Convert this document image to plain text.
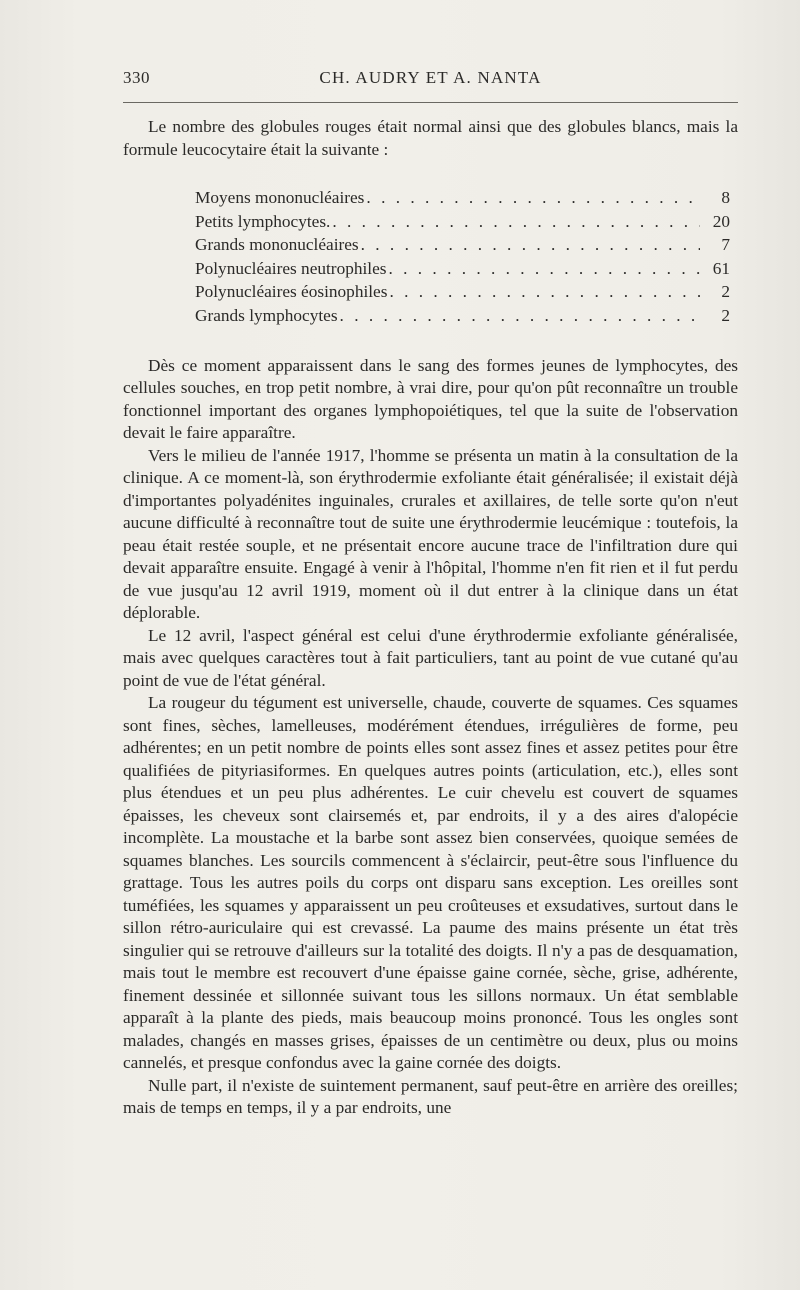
330	CH. AUDRY ET A. NANTA

Le nombre des globules rouges était normal ainsi que des globules blancs, mais la formule leucocytaire était la suivante :

Moyens mononucléaires . . .	8
Petits lymphocytes. . . .	20
Grands mononucléaires . . .	7
Polynucléaires neutrophiles . . .	61
Polynucléaires éosinophiles . . .	2
Grands lymphocytes . . .	2

Dès ce moment apparaissent dans le sang des formes jeunes de lymphocytes, des cellules souches, en trop petit nombre, à vrai dire, pour qu'on pût reconnaître un trouble fonctionnel important des organes lymphopoiétiques, tel que la suite de l'observation devait le faire apparaître.

Vers le milieu de l'année 1917, l'homme se présenta un matin à la consultation de la clinique. A ce moment-là, son érythrodermie exfoliante était généralisée; il existait déjà d'importantes polyadénites inguinales, crurales et axillaires, de telle sorte qu'on n'eut aucune difficulté à reconnaître tout de suite une érythrodermie leucémique : toutefois, la peau était restée souple, et ne présentait encore aucune trace de l'infiltration dure qui devait apparaître ensuite. Engagé à venir à l'hôpital, l'homme n'en fit rien et il fut perdu de vue jusqu'au 12 avril 1919, moment où il dut entrer à la clinique dans un état déplorable.

Le 12 avril, l'aspect général est celui d'une érythrodermie exfoliante généralisée, mais avec quelques caractères tout à fait particuliers, tant au point de vue cutané qu'au point de vue de l'état général.

La rougeur du tégument est universelle, chaude, couverte de squames. Ces squames sont fines, sèches, lamelleuses, modérément étendues, irrégulières de forme, peu adhérentes; en un petit nombre de points elles sont assez fines et assez petites pour être qualifiées de pityriasiformes. En quelques autres points (articulation, etc.), elles sont plus étendues et un peu plus adhérentes. Le cuir chevelu est couvert de squames épaisses, les cheveux sont clairsemés et, par endroits, il y a des aires d'alopécie incomplète. La moustache et la barbe sont assez bien conservées, quoique semées de squames blanches. Les sourcils commencent à s'éclaircir, peut-être sous l'influence du grattage. Tous les autres poils du corps ont disparu sans exception. Les oreilles sont tuméfiées, les squames y apparaissent un peu croûteuses et exsudatives, surtout dans le sillon rétro-auriculaire qui est crevassé. La paume des mains présente un état très singulier qui se retrouve d'ailleurs sur la totalité des doigts. Il n'y a pas de desquamation, mais tout le membre est recouvert d'une épaisse gaine cornée, sèche, grise, adhérente, finement dessinée et sillonnée suivant tous les sillons normaux. Un état semblable apparaît à la plante des pieds, mais beaucoup moins prononcé. Tous les ongles sont malades, changés en masses grises, épaisses de un centimètre ou deux, plus ou moins cannelés, et presque confondus avec la gaine cornée des doigts.

Nulle part, il n'existe de suintement permanent, sauf peut-être en arrière des oreilles; mais de temps en temps, il y a par endroits, une
